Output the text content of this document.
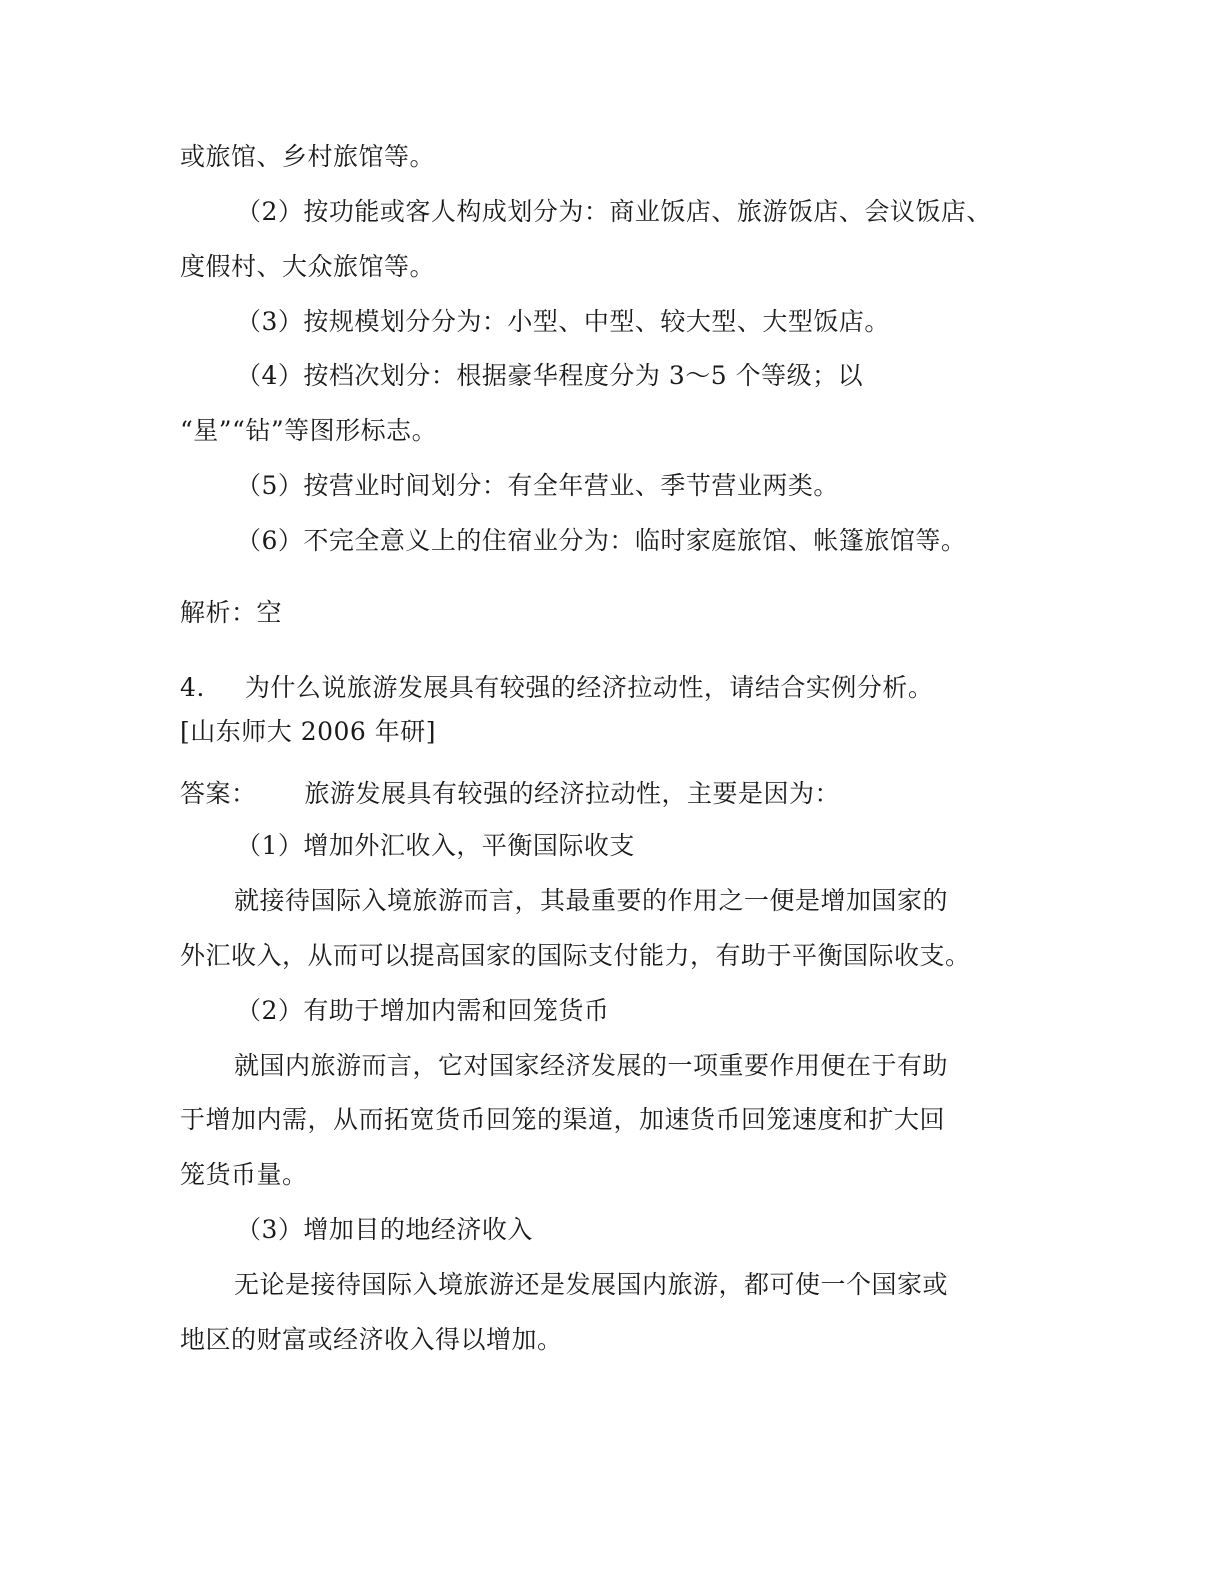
或旅馆、乡村旅馆等。
（2）按功能或客人构成划分为：商业饭店、旅游饭店、会议饭店、
度假村、大众旅馆等。
（3）按规模划分分为：小型、中型、较大型、大型饭店。
（4）按档次划分：根据豪华程度分为 3～5 个等级；以
“星”“钻”等图形标志。
（5）按营业时间划分：有全年营业、季节营业两类。
（6）不完全意义上的住宿业分为：临时家庭旅馆、帐篷旅馆等。
解析：空
4. 为什么说旅游发展具有较强的经济拉动性，请结合实例分析。
[山东师大 2006 年研]
答案： 旅游发展具有较强的经济拉动性，主要是因为：
（1）增加外汇收入，平衡国际收支
就接待国际入境旅游而言，其最重要的作用之一便是增加国家的
外汇收入，从而可以提高国家的国际支付能力，有助于平衡国际收支。
（2）有助于增加内需和回笼货币
就国内旅游而言，它对国家经济发展的一项重要作用便在于有助
于增加内需，从而拓宽货币回笼的渠道，加速货币回笼速度和扩大回
笼货币量。
（3）增加目的地经济收入
无论是接待国际入境旅游还是发展国内旅游，都可使一个国家或
地区的财富或经济收入得以增加。
